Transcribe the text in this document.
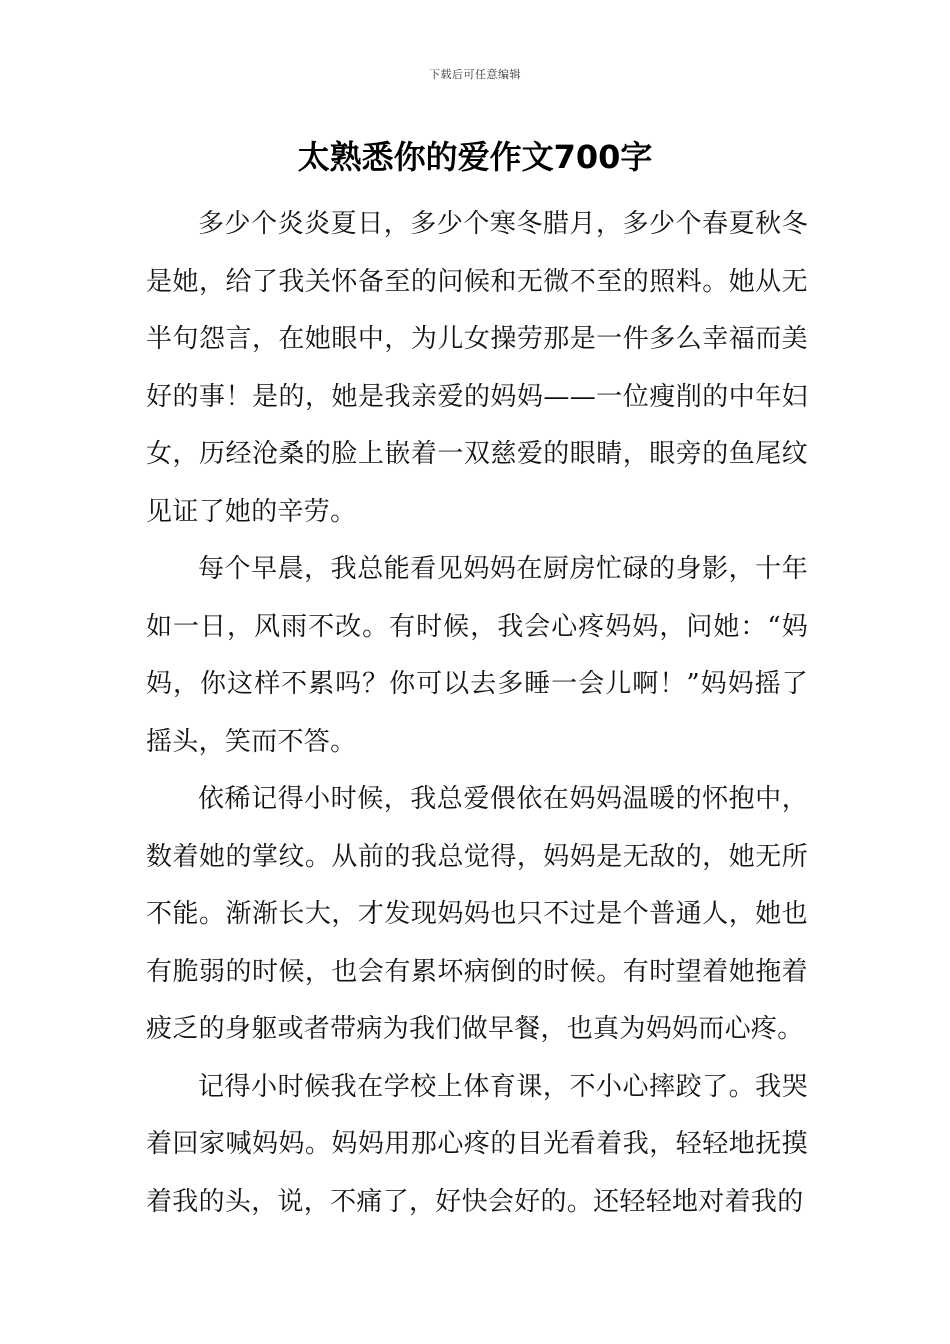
下载后可任意编辑
太熟悉你的爱作文700字

多少个炎炎夏日，多少个寒冬腊月，多少个春夏秋冬是她，给了我关怀备至的问候和无微不至的照料。她从无半句怨言，在她眼中，为儿女操劳那是一件多么幸福而美好的事！是的，她是我亲爱的妈妈——一位瘦削的中年妇女，历经沧桑的脸上嵌着一双慈爱的眼睛，眼旁的鱼尾纹见证了她的辛劳。

每个早晨，我总能看见妈妈在厨房忙碌的身影，十年如一日，风雨不改。有时候，我会心疼妈妈，问她：“妈妈，你这样不累吗？你可以去多睡一会儿啊！”妈妈摇了摇头，笑而不答。

依稀记得小时候，我总爱偎依在妈妈温暖的怀抱中，数着她的掌纹。从前的我总觉得，妈妈是无敌的，她无所不能。渐渐长大，才发现妈妈也只不过是个普通人，她也有脆弱的时候，也会有累坏病倒的时候。有时望着她拖着疲乏的身躯或者带病为我们做早餐，也真为妈妈而心疼。

记得小时候我在学校上体育课，不小心摔跤了。我哭着回家喊妈妈。妈妈用那心疼的目光看着我，轻轻地抚摸着我的头，说，不痛了，好快会好的。还轻轻地对着我的
